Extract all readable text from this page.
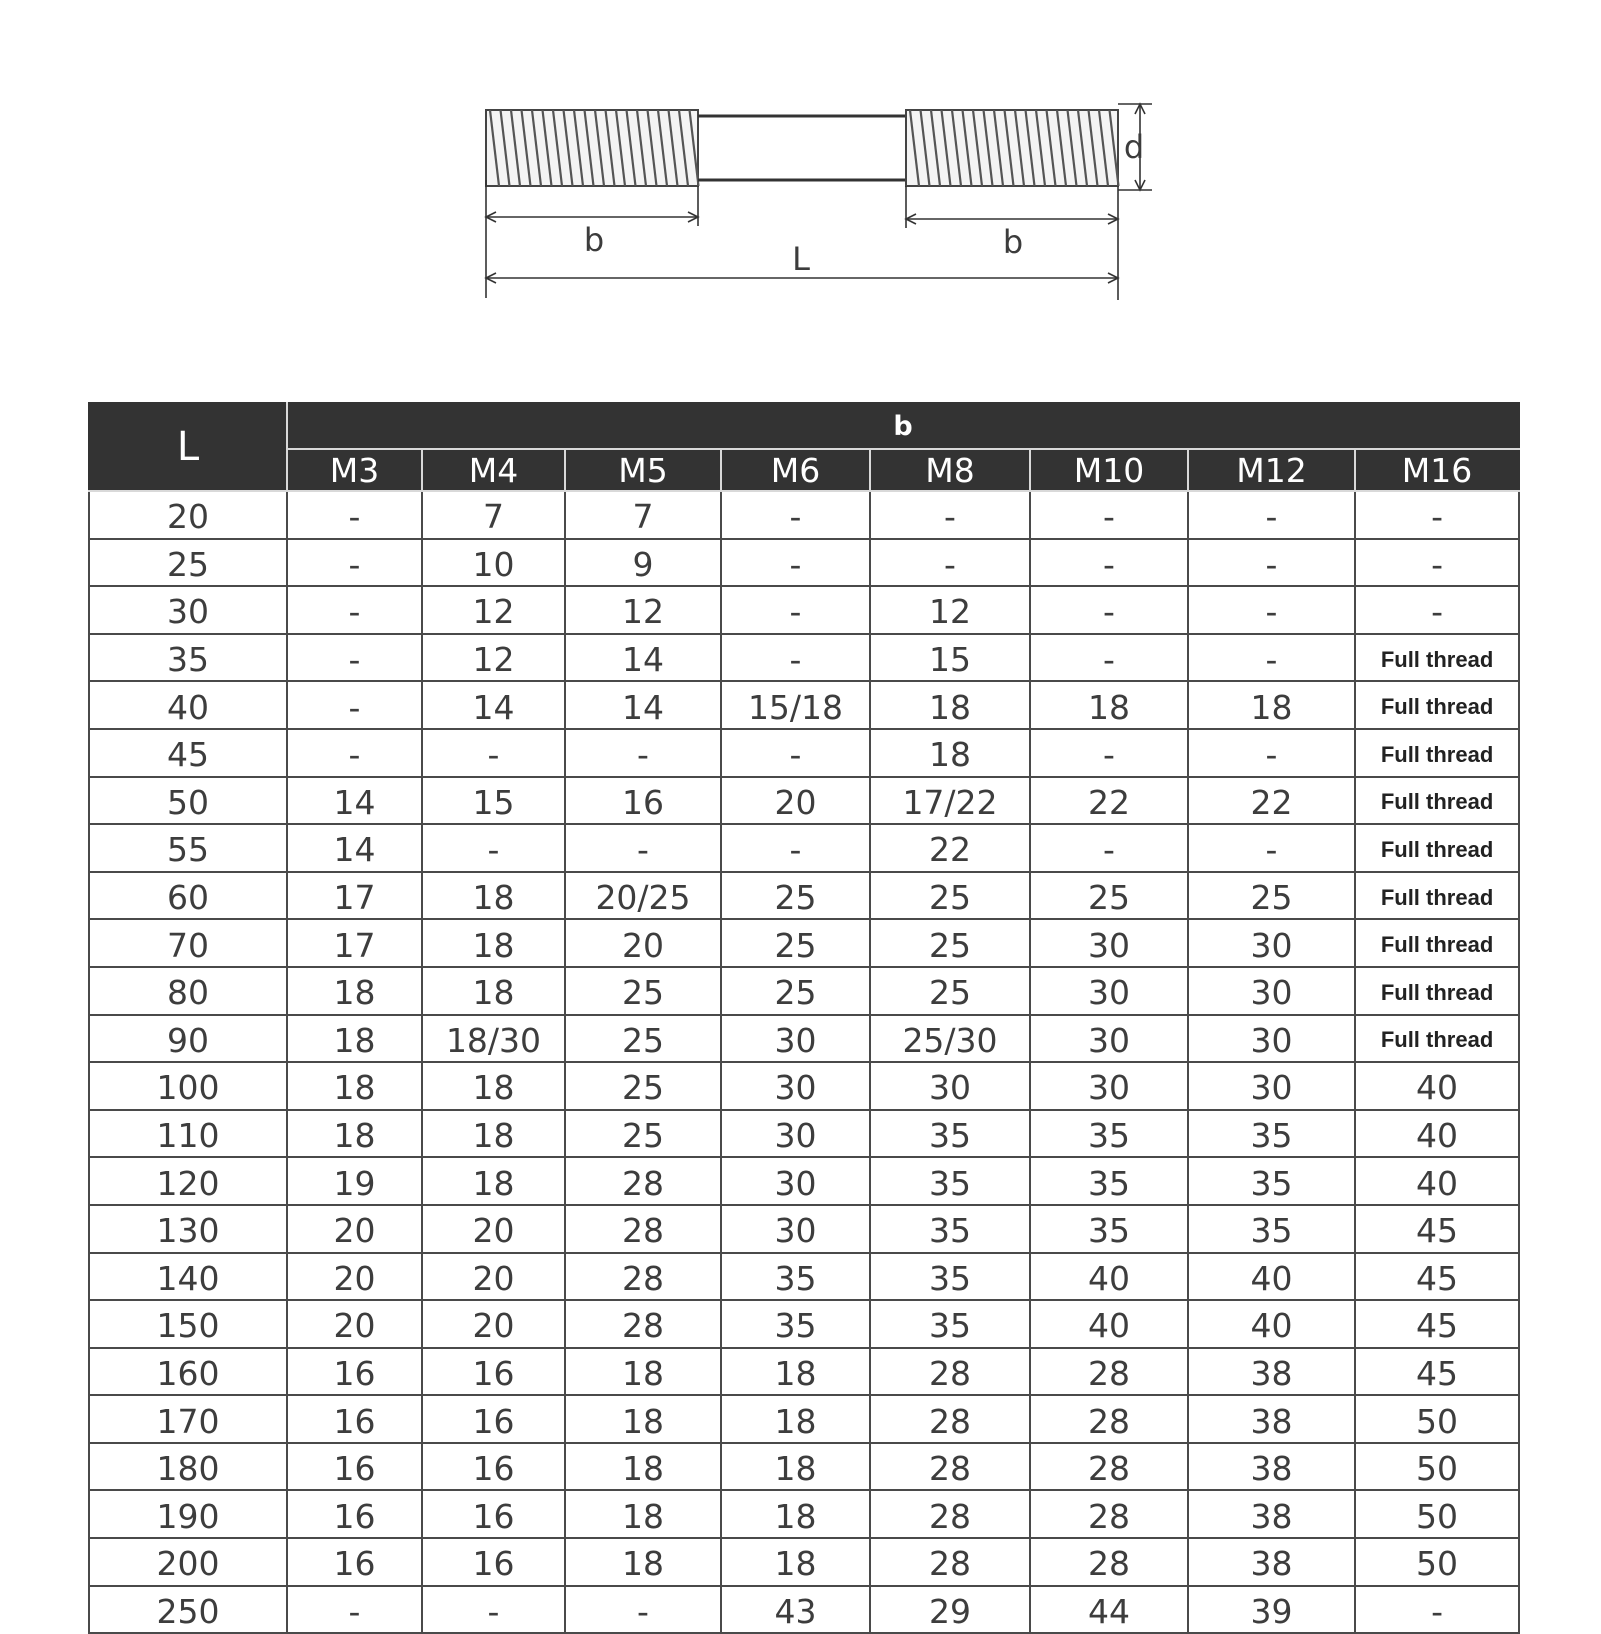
b	b
L
d
L	b							
	M3	M4	M5	M6	M8	M10	M12	M16
20	-	7	7	-	-	-	-	-
25	-	10	9	-	-	-	-	-
30	-	12	12	-	12	-	-	-
35	-	12	14	-	15	-	-	Full thread
40	-	14	14	15/18	18	18	18	Full thread
45	-	-	-	-	18	-	-	Full thread
50	14	15	16	20	17/22	22	22	Full thread
55	14	-	-	-	22	-	-	Full thread
60	17	18	20/25	25	25	25	25	Full thread
70	17	18	20	25	25	30	30	Full thread
80	18	18	25	25	25	30	30	Full thread
90	18	18/30	25	30	25/30	30	30	Full thread
100	18	18	25	30	30	30	30	40
110	18	18	25	30	35	35	35	40
120	19	18	28	30	35	35	35	40
130	20	20	28	30	35	35	35	45
140	20	20	28	35	35	40	40	45
150	20	20	28	35	35	40	40	45
160	16	16	18	18	28	28	38	45
170	16	16	18	18	28	28	38	50
180	16	16	18	18	28	28	38	50
190	16	16	18	18	28	28	38	50
200	16	16	18	18	28	28	38	50
250	-	-	-	43	29	44	39	-
